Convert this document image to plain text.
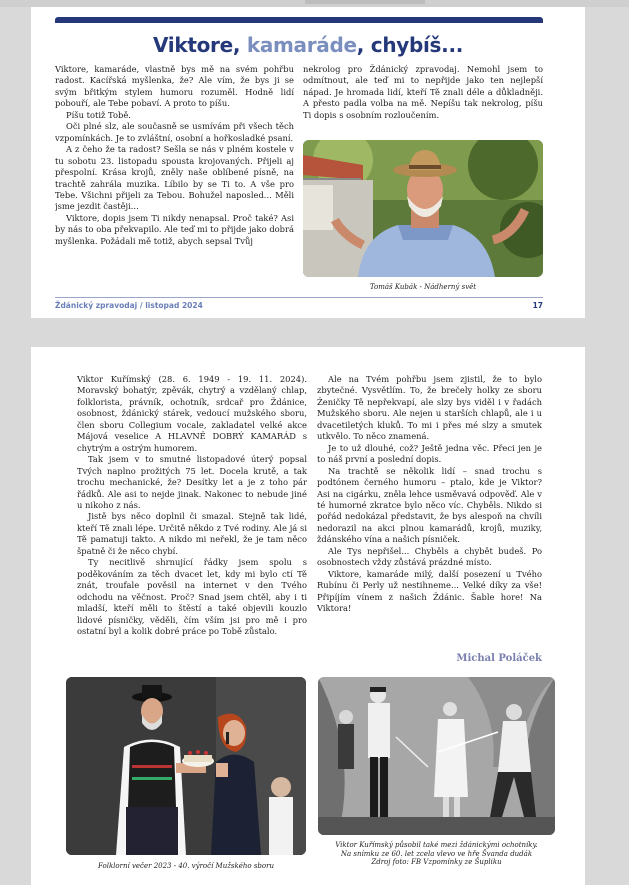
Viktore, kamaráde, chybíš...

Viktore, kamaráde, vlastně bys mě na svém pohřbu radost. Kacířská myšlenka, že? Ale vím, že bys ji se svým břitkým stylem humoru rozuměl. Hodně lidí pobouří, ale Tebe pobaví. A proto to píšu.

Píšu totiž Tobě.

Oči plné slz, ale současně se usmívám při všech těch vzpomínkách. Je to zvláštní, osobní a hořkosladké psaní.

A z čeho že ta radost? Sešla se nás v plném kostele v tu sobotu 23. listopadu spousta krojovaných. Přijeli aj přespolní. Krása krojů, zněly naše oblíbené písně, na trachtě zahrála muzika. Líbilo by se Ti to. A vše pro Tebe. Všichni přijeli za Tebou. Bohužel naposled... Měli jsme jezdit častěji...

Viktore, dopis jsem Ti nikdy nenapsal. Proč také? Asi by nás to oba překvapilo. Ale teď mi to přijde jako dobrá myšlenka. Požádali mě totiž, abych sepsal Tvůj

nekrolog pro Ždánický zpravodaj. Nemohl jsem to odmítnout, ale teď mi to nepřijde jako ten nejlepší nápad. Je hromada lidí, kteří Tě znali déle a důkladněji. A přesto padla volba na mě. Nepíšu tak nekrolog, píšu Ti dopis s osobním rozloučením.

Tomáš Kubák - Nádherný svět
Ždánický zpravodaj / listopad 2024	17

Viktor Kuřímský (28. 6. 1949 - 19. 11. 2024). Moravský bohatýr, zpěvák, chytrý a vzdělaný chlap, folklorista, právník, ochotník, srdcař pro Ždánice, osobnost, ždánický stárek, vedoucí mužského sboru, člen sboru Collegium vocale, zakladatel velké akce Májová veselice A HLAVNĚ DOBRÝ KAMARÁD s chytrým a ostrým humorem.

Tak jsem v to smutné listopadové úterý popsal Tvých naplno prožitých 75 let. Docela krutě, a tak trochu mechanické, že? Desítky let a je z toho pár řádků. Ale asi to nejde jinak. Nakonec to nebude jiné u nikoho z nás.

Jistě bys něco doplnil či smazal. Stejně tak lidé, kteří Tě znali lépe. Určitě někdo z Tvé rodiny. Ale já si Tě pamatuji takto. A nikdo mi neřekl, že je tam něco špatně či že něco chybí.

Ty necitlivě shrnující řádky jsem spolu s poděkováním za těch dvacet let, kdy mi bylo ctí Tě znát, troufale pověsil na internet v den Tvého odchodu na věčnost. Proč? Snad jsem chtěl, aby i ti mladší, kteří měli to štěstí a také objevili kouzlo lidové písničky, věděli, čím vším jsi pro mě i pro ostatní byl a kolik dobré práce po Tobě zůstalo.

Ale na Tvém pohřbu jsem zjistil, že to bylo zbytečné. Vysvětlím. To, že brečely holky ze sboru Ženičky Tě nepřekvapí, ale slzy bys viděl i v řadách Mužského sboru. Ale nejen u starších chlapů, ale i u dvacetiletých kluků. To mi i přes mé slzy a smutek utkvělo. To něco znamená.

Je to už dlouhé, což? Ještě jedna věc. Přeci jen je to náš první a poslední dopis.

Na trachtě se několik lidí – snad trochu s podtónem černého humoru – ptalo, kde je Viktor? Asi na cigárku, zněla lehce usměvavá odpověď. Ale v té humorné zkratce bylo něco víc. Chyběls. Nikdo si pořád nedokázal představit, že bys alespoň na chvíli nedorazil na akci plnou kamarádů, krojů, muziky, ždánského vína a našich písniček.

Ale Tys nepřišel... Chyběls a chybět budeš. Po osobnostech vždy zůstává prázdné místo.

Viktore, kamaráde milý, další posezení u Tvého Rubínu či Perly už nestihneme... Velké díky za vše! Připíjím vínem z našich Ždánic. Šable hore! Na Viktora!

Michal Poláček
Folklorní večer 2023 - 40. výročí Mužského sboru
Viktor Kuřímský působil také mezi ždánickými ochotníky.
Na snímku ze 60. let zcela vlevo ve hře Švanda dudák
Zdroj foto: FB Vzpomínky ze Šupliku
